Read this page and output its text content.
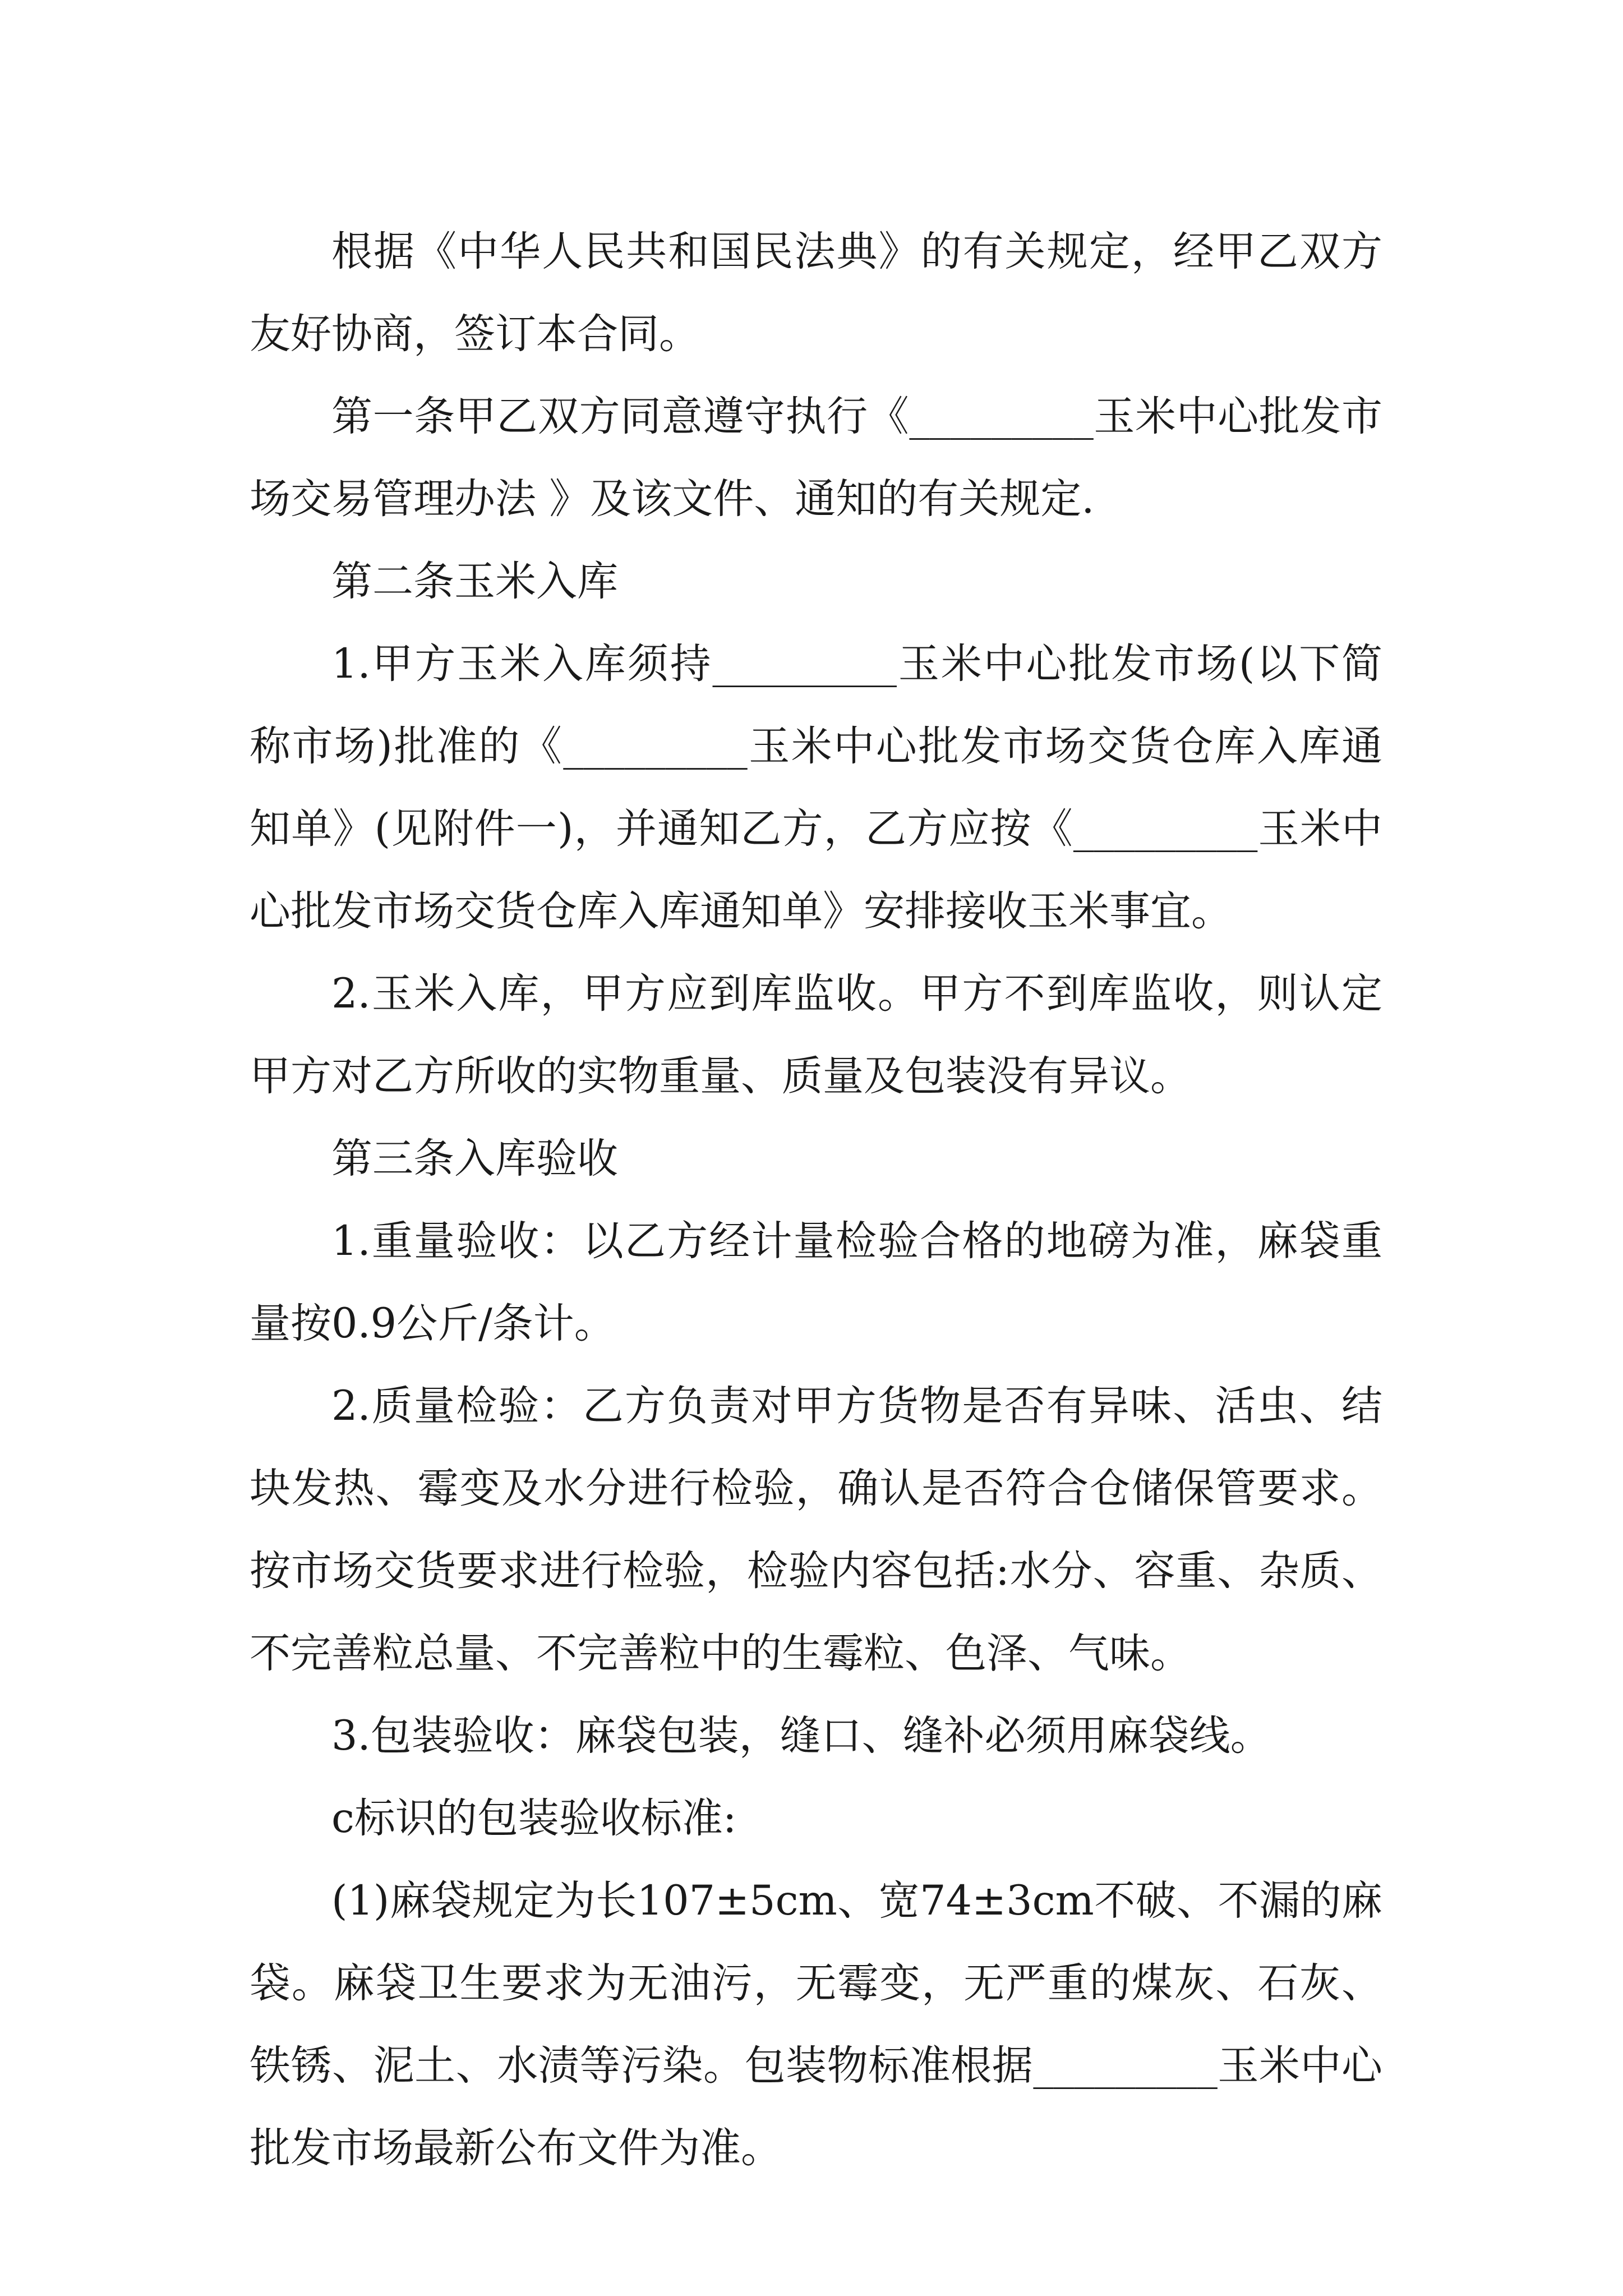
根据《中华人民共和国民法典》的有关规定，经甲乙双方友好协商，签订本合同。

第一条甲乙双方同意遵守执行《_________玉米中心批发市场交易管理办法 》及该文件、通知的有关规定.

第二条玉米入库

1.甲方玉米入库须持_________玉米中心批发市场(以下简称市场)批准的《_________玉米中心批发市场交货仓库入库通知单》(见附件一)，并通知乙方，乙方应按《_________玉米中心批发市场交货仓库入库通知单》安排接收玉米事宜。

2.玉米入库，甲方应到库监收。甲方不到库监收，则认定甲方对乙方所收的实物重量、质量及包装没有异议。

第三条入库验收

1.重量验收：以乙方经计量检验合格的地磅为准，麻袋重量按0.9公斤/条计。

2.质量检验：乙方负责对甲方货物是否有异味、活虫、结块发热、霉变及水分进行检验，确认是否符合仓储保管要求。按市场交货要求进行检验，检验内容包括:水分、容重、杂质、不完善粒总量、不完善粒中的生霉粒、色泽、气味。

3.包装验收：麻袋包装，缝口、缝补必须用麻袋线。

c标识的包装验收标准:

(1)麻袋规定为长107±5cm、宽74±3cm不破、不漏的麻袋。麻袋卫生要求为无油污，无霉变，无严重的煤灰、石灰、铁锈、泥土、水渍等污染。包装物标准根据_________玉米中心批发市场最新公布文件为准。
